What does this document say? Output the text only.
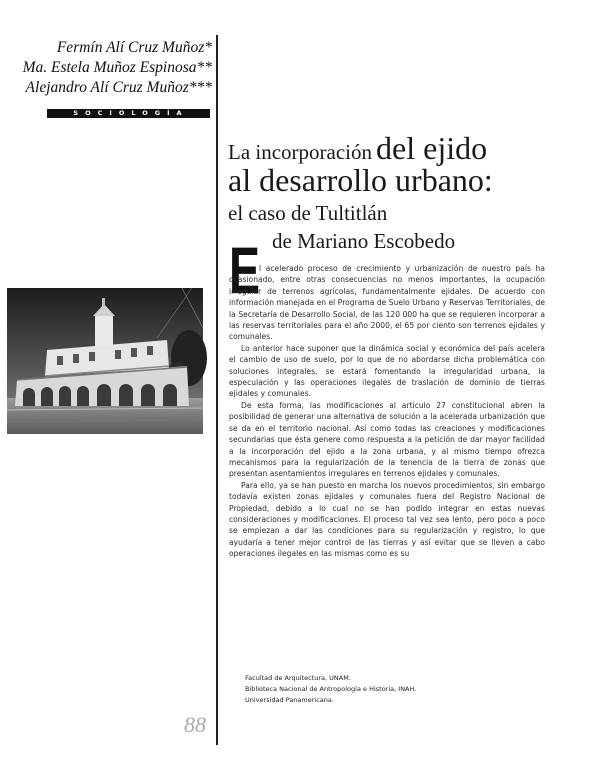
Fermín Alí Cruz Muñoz*
Ma. Estela Muñoz Espinosa**
Alejandro Alí Cruz Muñoz***
SOCIOLOGÍA
La incorporación del ejido
al desarrollo urbano:
el caso de Tultitlán
de Mariano Escobedo
E l acelerado proceso de crecimiento y urbanización de nuestro país ha ocasionado, entre otras consecuencias no menos importantes, la ocupación irregular de terrenos agrícolas, fundamentalmente ejidales. De acuerdo con información manejada en el Programa de Suelo Urbano y Reservas Territoriales, de la Secretaría de Desarrollo Social, de las 120 000 ha que se requieren incorporar a las reservas territoriales para el año 2000, el 65 por ciento son terrenos ejidales y comunales.

Lo anterior hace suponer que la dinámica social y económica del país acelera el cambio de uso de suelo, por lo que de no abordarse dicha problemática con soluciones integrales, se estará fomentando la irregularidad urbana, la especulación y las operaciones ilegales de traslación de dominio de tierras ejidales y comunales.

De esta forma, las modificaciones al artículo 27 constitucional abren la posibilidad de generar una alternativa de solución a la acelerada urbanización que se da en el territorio nacional. Así como todas las creaciones y modificaciones secundarias que ésta genere como respuesta a la petición de dar mayor facilidad a la incorporación del ejido a la zona urbana, y al mismo tiempo ofrezca mecanismos para la regularización de la tenencia de la tierra de zonas que presentan asentamientos irregulares en terrenos ejidales y comunales.

Para ello, ya se han puesto en marcha los nuevos procedimientos, sin embargo todavía existen zonas ejidales y comunales fuera del Registro Nacional de Propiedad, debido a lo cual no se han podido integrar en estas nuevas consideraciones y modificaciones. El proceso tal vez sea lento, pero poco a poco se empiezan a dar las condiciones para su regularización y registro, lo que ayudaría a tener mejor control de las tierras y así evitar que se lleven a cabo operaciones ilegales en las mismas como es su

Facultad de Arquitectura, UNAM.
Biblioteca Nacional de Antropología e Historia, INAH.
Universidad Panamericana.
88
